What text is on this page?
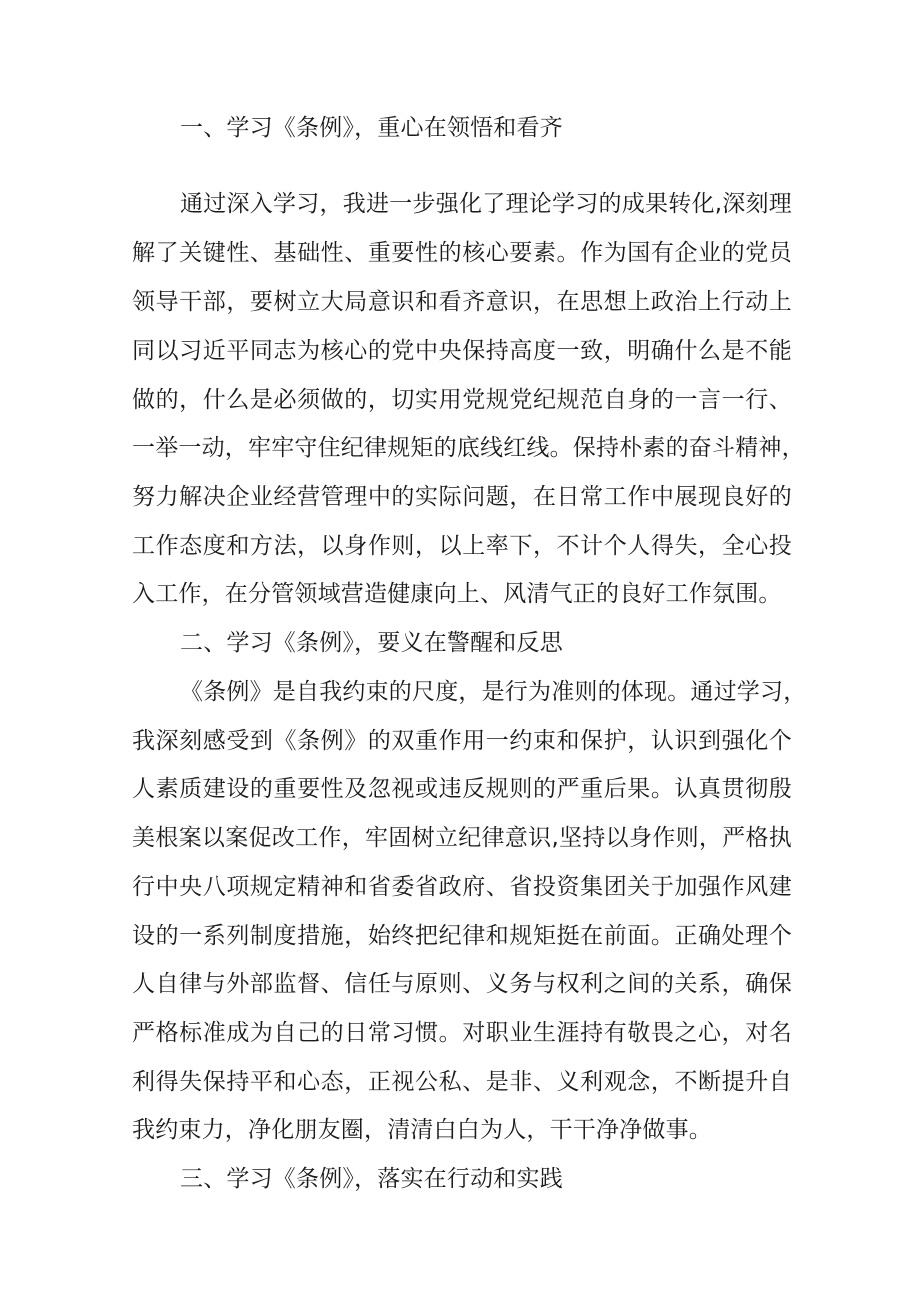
一、学习《条例》，重心在领悟和看齐
通过深入学习，我进一步强化了理论学习的成果转化,深刻理
解了关键性、基础性、重要性的核心要素。作为国有企业的党员
领导干部，要树立大局意识和看齐意识，在思想上政治上行动上
同以习近平同志为核心的党中央保持高度一致，明确什么是不能
做的，什么是必须做的，切实用党规党纪规范自身的一言一行、
一举一动，牢牢守住纪律规矩的底线红线。保持朴素的奋斗精神，
努力解决企业经营管理中的实际问题，在日常工作中展现良好的
工作态度和方法，以身作则，以上率下，不计个人得失，全心投
入工作，在分管领域营造健康向上、风清气正的良好工作氛围。
二、学习《条例》，要义在警醒和反思
《条例》是自我约束的尺度，是行为准则的体现。通过学习，
我深刻感受到《条例》的双重作用一约束和保护，认识到强化个
人素质建设的重要性及忽视或违反规则的严重后果。认真贯彻殷
美根案以案促改工作，牢固树立纪律意识,坚持以身作则，严格执
行中央八项规定精神和省委省政府、省投资集团关于加强作风建
设的一系列制度措施，始终把纪律和规矩挺在前面。正确处理个
人自律与外部监督、信任与原则、义务与权利之间的关系，确保
严格标准成为自己的日常习惯。对职业生涯持有敬畏之心，对名
利得失保持平和心态，正视公私、是非、义利观念，不断提升自
我约束力，净化朋友圈，清清白白为人，干干净净做事。
三、学习《条例》，落实在行动和实践
